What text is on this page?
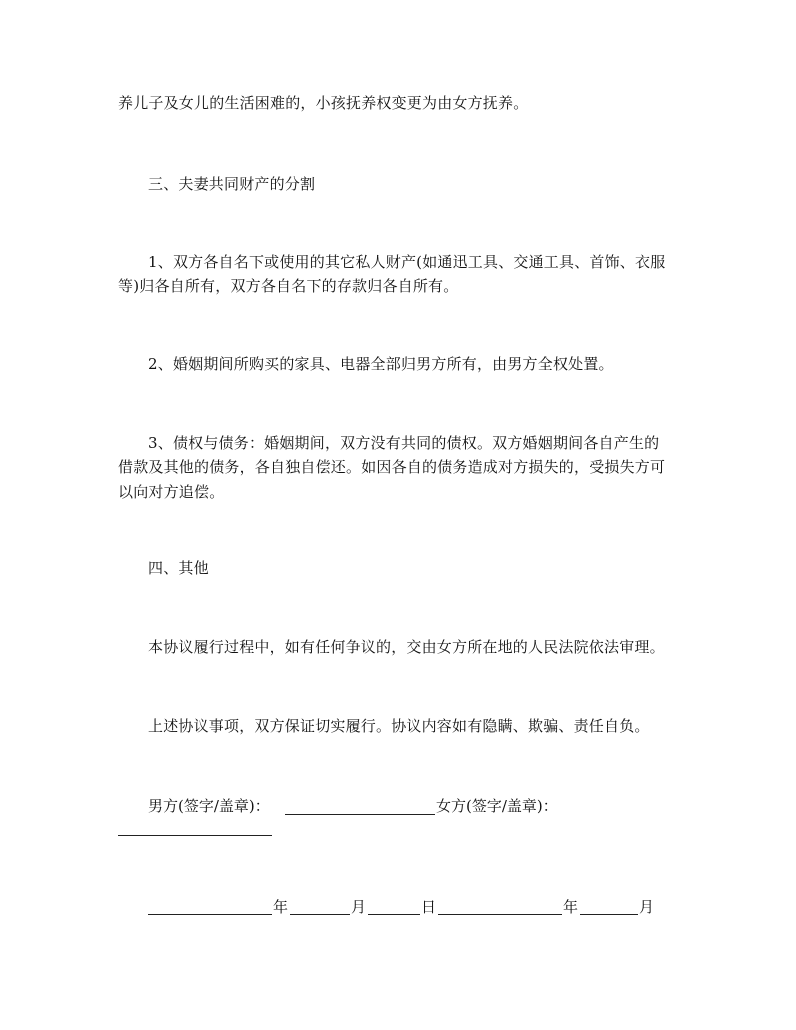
养儿子及女儿的生活困难的，小孩抚养权变更为由女方抚养。
三、夫妻共同财产的分割
1、双方各自名下或使用的其它私人财产(如通迅工具、交通工具、首饰、衣服
等)归各自所有，双方各自名下的存款归各自所有。
2、婚姻期间所购买的家具、电器全部归男方所有，由男方全权处置。
3、债权与债务：婚姻期间，双方没有共同的债权。双方婚姻期间各自产生的
借款及其他的债务，各自独自偿还。如因各自的债务造成对方损失的，受损失方可
以向对方追偿。
四、其他
本协议履行过程中，如有任何争议的，交由女方所在地的人民法院依法审理。
上述协议事项，双方保证切实履行。协议内容如有隐瞒、欺骗、责任自负。
男方(签字/盖章)：	女方(签字/盖章)：
年	月	日	年	月
